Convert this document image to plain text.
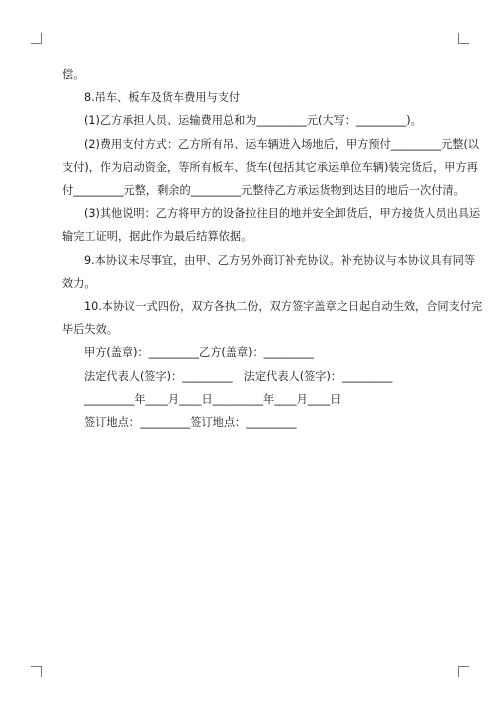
偿。

8.吊车、板车及货车费用与支付

(1)乙方承担人员、运输费用总和为_________元(大写：_________)。

(2)费用支付方式：乙方所有吊、运车辆进入场地后，甲方预付_________元整(以

支付)，作为启动资金，等所有板车、货车(包括其它承运单位车辆)装完货后，甲方再

付_________元整，剩余的_________元整待乙方承运货物到达目的地后一次付清。

(3)其他说明：乙方将甲方的设备拉往目的地并安全卸货后，甲方接货人员出具运

输完工证明，据此作为最后结算依据。

9.本协议未尽事宜，由甲、乙方另外商订补充协议。补充协议与本协议具有同等

效力。

10.本协议一式四份，双方各执二份，双方签字盖章之日起自动生效，合同支付完

毕后失效。

甲方(盖章)：_________乙方(盖章)：_________

法定代表人(签字)：_________　法定代表人(签字)：_________

_________年____月____日_________年____月____日

签订地点：_________签订地点：_________
